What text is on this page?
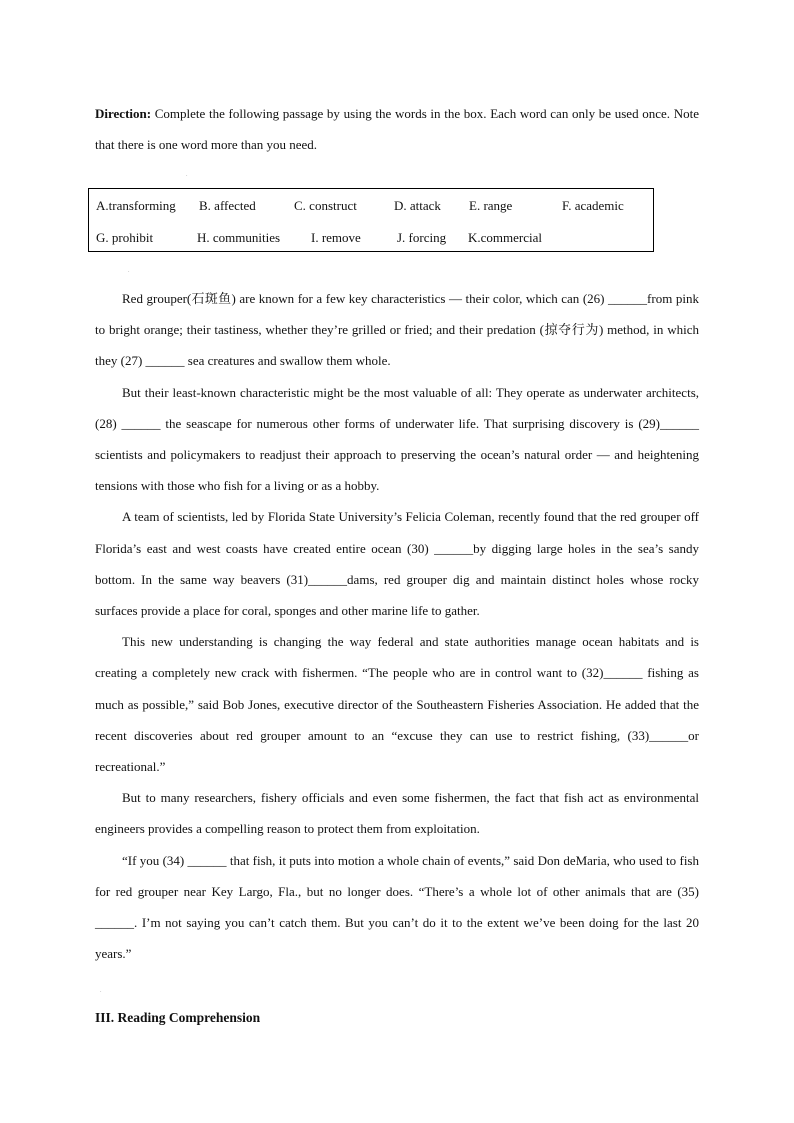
Direction: Complete the following passage by using the words in the box. Each word can only be used once. Note that there is one word more than you need.

.
A.transforming B. affected	C. construct	D. attack E. range	F. academic
G. prohibit	H. communities I. remove	J. forcing K.commercial
.

Red grouper(石斑鱼) are known for a few key characteristics — their color, which can (26) ______from pink to bright orange; their tastiness, whether they’re grilled or fried; and their predation (掠夺行为) method, in which they (27) ______ sea creatures and swallow them whole.

But their least-known characteristic might be the most valuable of all: They operate as underwater architects, (28) ______ the seascape for numerous other forms of underwater life. That surprising discovery is (29)______ scientists and policymakers to readjust their approach to preserving the ocean’s natural order — and heightening tensions with those who fish for a living or as a hobby.

A team of scientists, led by Florida State University’s Felicia Coleman, recently found that the red grouper off Florida’s east and west coasts have created entire ocean (30) ______by digging large holes in the sea’s sandy bottom. In the same way beavers (31)______dams, red grouper dig and maintain distinct holes whose rocky surfaces provide a place for coral, sponges and other marine life to gather.

This new understanding is changing the way federal and state authorities manage ocean habitats and is creating a completely new crack with fishermen. “The people who are in control want to (32)______ fishing as much as possible,” said Bob Jones, executive director of the Southeastern Fisheries Association. He added that the recent discoveries about red grouper amount to an “excuse they can use to restrict fishing, (33)______or recreational.”

But to many researchers, fishery officials and even some fishermen, the fact that fish act as environmental engineers provides a compelling reason to protect them from exploitation.

“If you (34) ______ that fish, it puts into motion a whole chain of events,” said Don deMaria, who used to fish for red grouper near Key Largo, Fla., but no longer does. “There’s a whole lot of other animals that are (35) ______. I’m not saying you can’t catch them. But you can’t do it to the extent we’ve been doing for the last 20 years.”

.
III. Reading Comprehension
